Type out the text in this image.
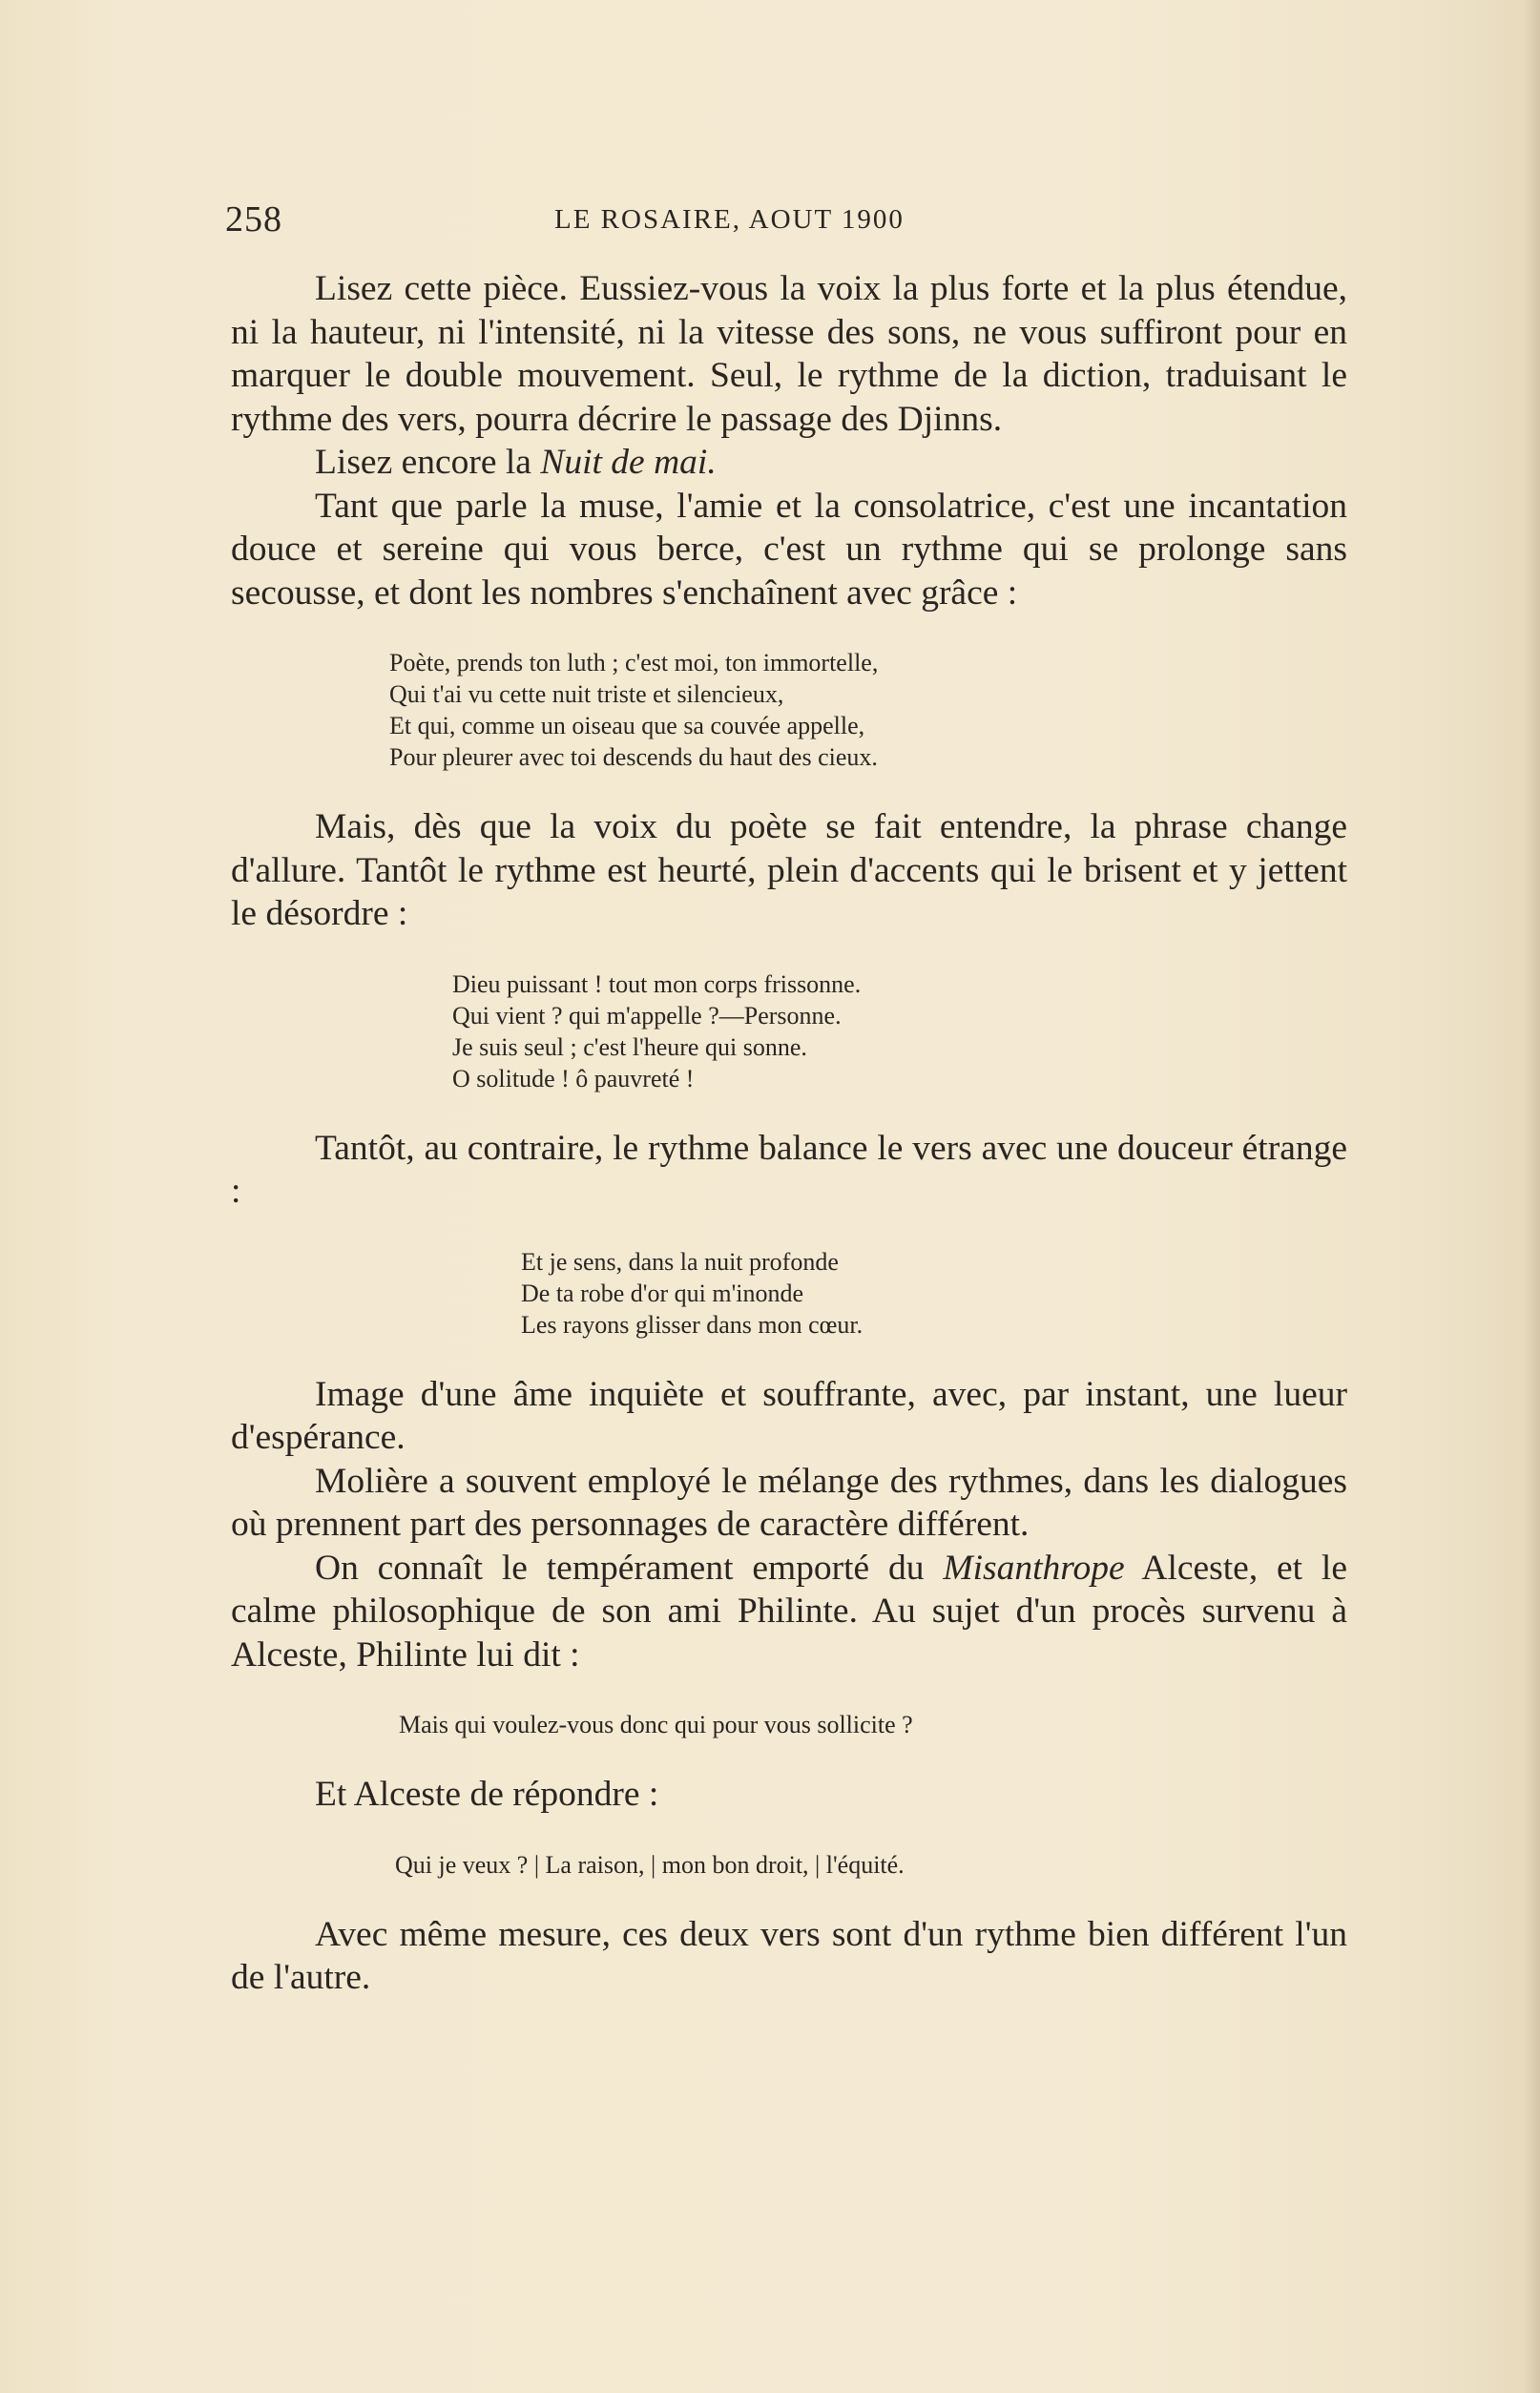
258	LE ROSAIRE, AOUT 1900

Lisez cette pièce. Eussiez-vous la voix la plus forte et la plus étendue, ni la hauteur, ni l'intensité, ni la vitesse des sons, ne vous suffiront pour en marquer le double mouvement. Seul, le rythme de la diction, traduisant le rythme des vers, pourra décrire le passage des Djinns.

Lisez encore la Nuit de mai.

Tant que parle la muse, l'amie et la consolatrice, c'est une incantation douce et sereine qui vous berce, c'est un rythme qui se prolonge sans secousse, et dont les nombres s'enchaînent avec grâce :

Poète, prends ton luth ; c'est moi, ton immortelle,
Qui t'ai vu cette nuit triste et silencieux,
Et qui, comme un oiseau que sa couvée appelle,
Pour pleurer avec toi descends du haut des cieux.

Mais, dès que la voix du poète se fait entendre, la phrase change d'allure. Tantôt le rythme est heurté, plein d'accents qui le brisent et y jettent le désordre :

Dieu puissant ! tout mon corps frissonne.
Qui vient ? qui m'appelle ?—Personne.
Je suis seul ; c'est l'heure qui sonne.
O solitude ! ô pauvreté !

Tantôt, au contraire, le rythme balance le vers avec une douceur étrange :

Et je sens, dans la nuit profonde
De ta robe d'or qui m'inonde
Les rayons glisser dans mon cœur.

Image d'une âme inquiète et souffrante, avec, par instant, une lueur d'espérance.

Molière a souvent employé le mélange des rythmes, dans les dialogues où prennent part des personnages de caractère différent.

On connaît le tempérament emporté du Misanthrope Alceste, et le calme philosophique de son ami Philinte. Au sujet d'un procès survenu à Alceste, Philinte lui dit :

Mais qui voulez-vous donc qui pour vous sollicite ?

Et Alceste de répondre :

Qui je veux ? | La raison, | mon bon droit, | l'équité.

Avec même mesure, ces deux vers sont d'un rythme bien différent l'un de l'autre.
